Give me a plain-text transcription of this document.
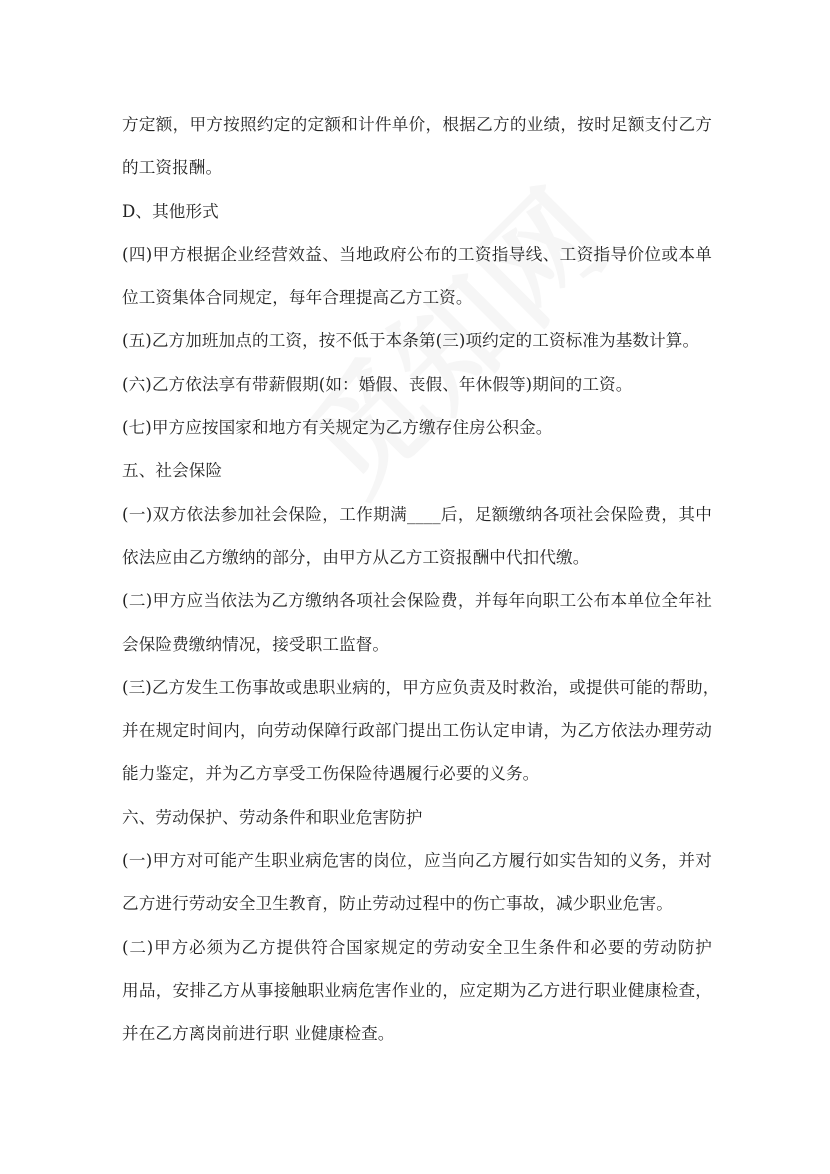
方定额，甲方按照约定的定额和计件单价，根据乙方的业绩，按时足额支付乙方
的工资报酬。
D、其他形式
(四)甲方根据企业经营效益、当地政府公布的工资指导线、工资指导价位或本单
位工资集体合同规定，每年合理提高乙方工资。
(五)乙方加班加点的工资，按不低于本条第(三)项约定的工资标准为基数计算。
(六)乙方依法享有带薪假期(如：婚假、丧假、年休假等)期间的工资。
(七)甲方应按国家和地方有关规定为乙方缴存住房公积金。
五、社会保险
(一)双方依法参加社会保险，工作期满____后，足额缴纳各项社会保险费，其中
依法应由乙方缴纳的部分，由甲方从乙方工资报酬中代扣代缴。
(二)甲方应当依法为乙方缴纳各项社会保险费，并每年向职工公布本单位全年社
会保险费缴纳情况，接受职工监督。
(三)乙方发生工伤事故或患职业病的，甲方应负责及时救治，或提供可能的帮助，
并在规定时间内，向劳动保障行政部门提出工伤认定申请，为乙方依法办理劳动
能力鉴定，并为乙方享受工伤保险待遇履行必要的义务。
六、劳动保护、劳动条件和职业危害防护
(一)甲方对可能产生职业病危害的岗位，应当向乙方履行如实告知的义务，并对
乙方进行劳动安全卫生教育，防止劳动过程中的伤亡事故，减少职业危害。
(二)甲方必须为乙方提供符合国家规定的劳动安全卫生条件和必要的劳动防护
用品，安排乙方从事接触职业病危害作业的，应定期为乙方进行职业健康检查，
并在乙方离岗前进行职 业健康检查。
